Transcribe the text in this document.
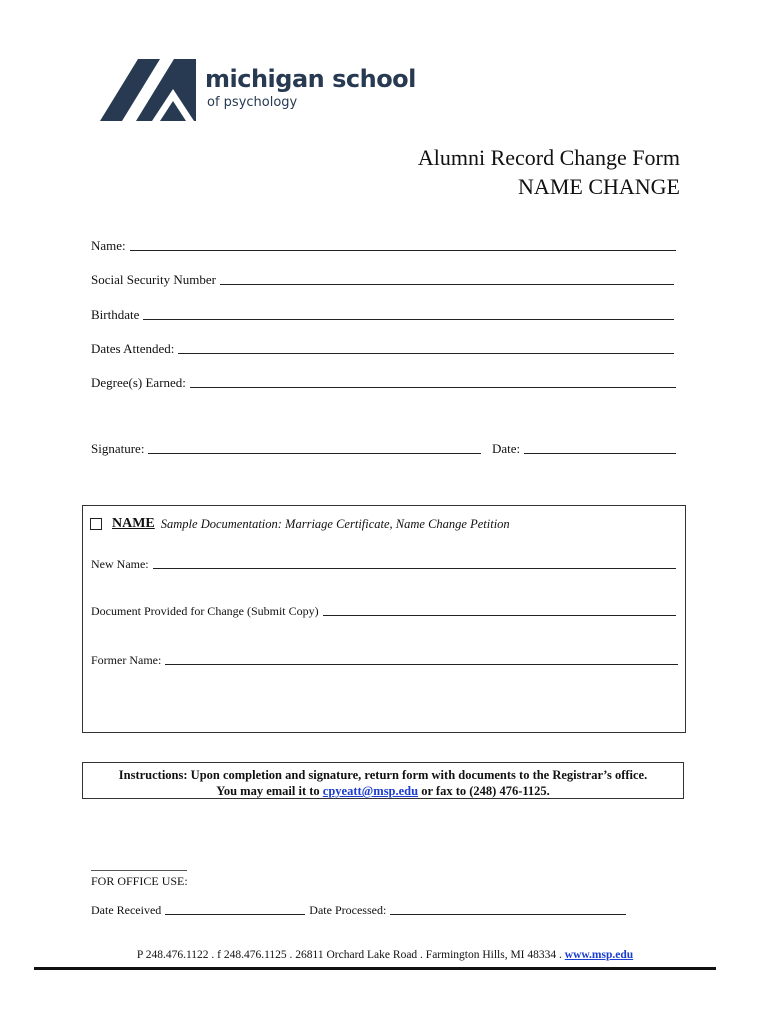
michigan school
of psychology
Alumni Record Change Form
NAME CHANGE
Name:
Social Security Number
Birthdate
Dates Attended:
Degree(s) Earned:
Signature:	Date:
NAME Sample Documentation: Marriage Certificate, Name Change Petition
New Name:
Document Provided for Change (Submit Copy)
Former Name:
Instructions: Upon completion and signature, return form with documents to the Registrar’s office.
You may email it to cpyeatt@msp.edu or fax to (248) 476-1125.
FOR OFFICE USE:
Date Received	Date Processed:
P 248.476.1122 . f 248.476.1125 . 26811 Orchard Lake Road . Farmington Hills, MI 48334 . www.msp.edu
